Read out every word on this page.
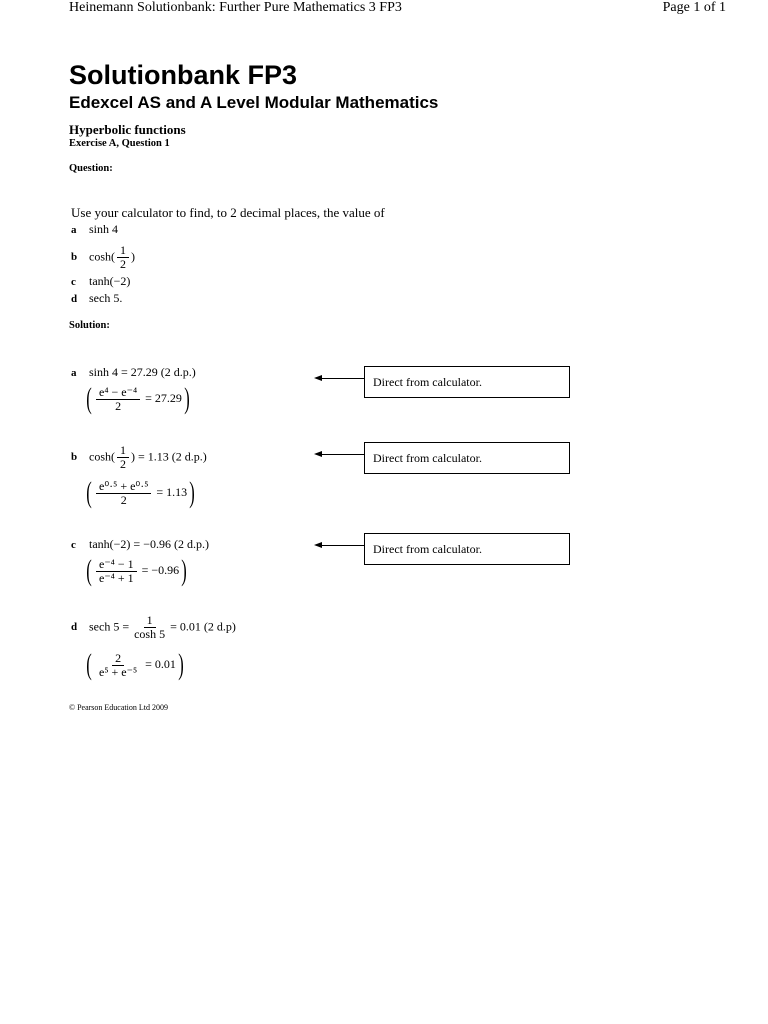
Heinemann Solutionbank: Further Pure Mathematics 3 FP3	Page 1 of 1
Solutionbank FP3
Edexcel AS and A Level Modular Mathematics
Hyperbolic functions
Exercise A, Question 1
Question:
Use your calculator to find, to 2 decimal places, the value of
a sinh 4
b $\cosh( \frac{1}{2}$ )
c tanh(−2)
d sech 5.
Solution:
a sinh 4 = 27.29 (2 d.p.)
( $\frac{\text{e⁴ − e⁻⁴}}{2} = 27.29$)
b $\cosh( \frac{1}{2}$ ) = 1.13 (2 d.p.)
( $\frac{\text{e⁰·⁵ + e⁰·⁵}}{2} = 1.13$)
c tanh(−2) = −0.96 (2 d.p.)
( $\frac{\text{e⁻⁴ − 1}}{\text{e⁻⁴ + 1}} = -0.96$)
d sech $5 = \frac{1}{\cosh 5} = 0.01$ (2 d.p)
( $\frac{2}{\text{e⁵ + e⁻⁵}} = 0.01$)
Direct from calculator.
Direct from calculator.
Direct from calculator.
© Pearson Education Ltd 2009
